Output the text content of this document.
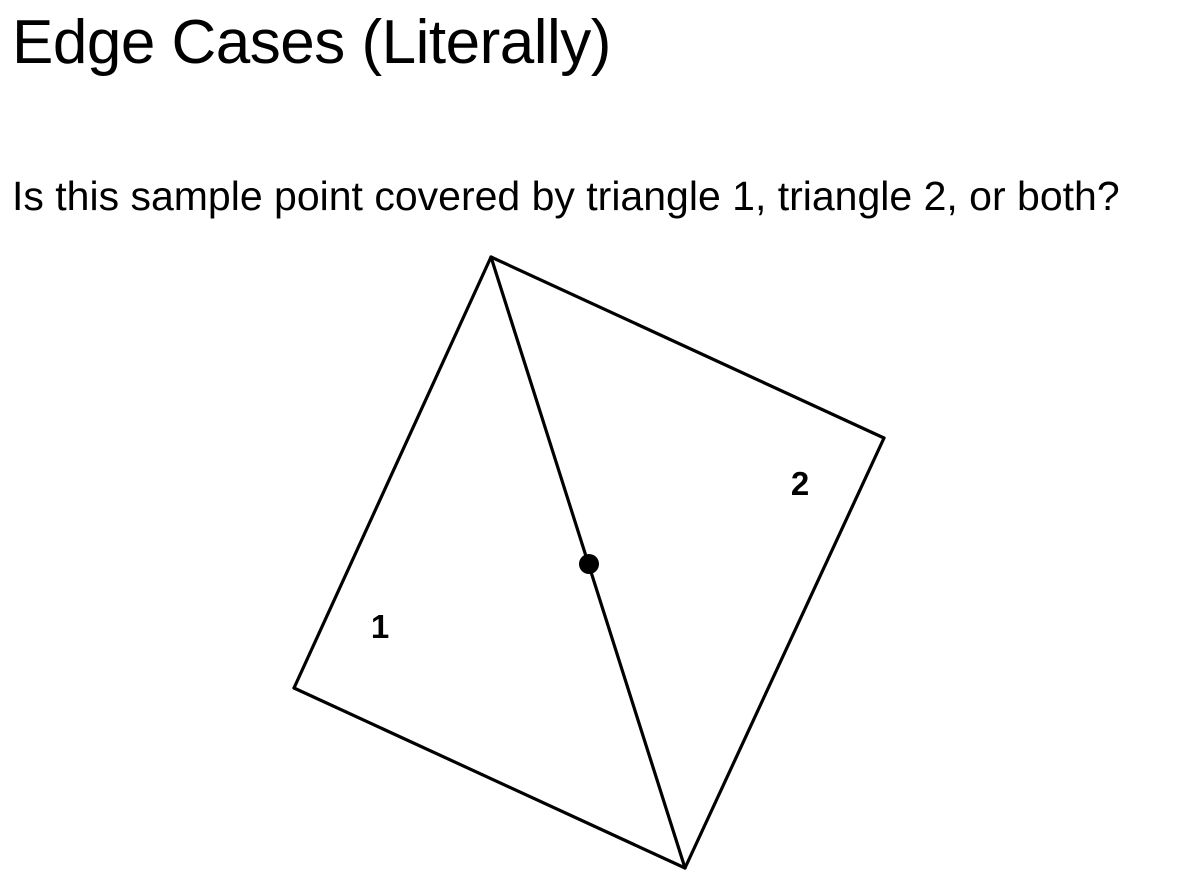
Edge Cases (Literally)

Is this sample point covered by triangle 1, triangle 2, or both?

1
2
